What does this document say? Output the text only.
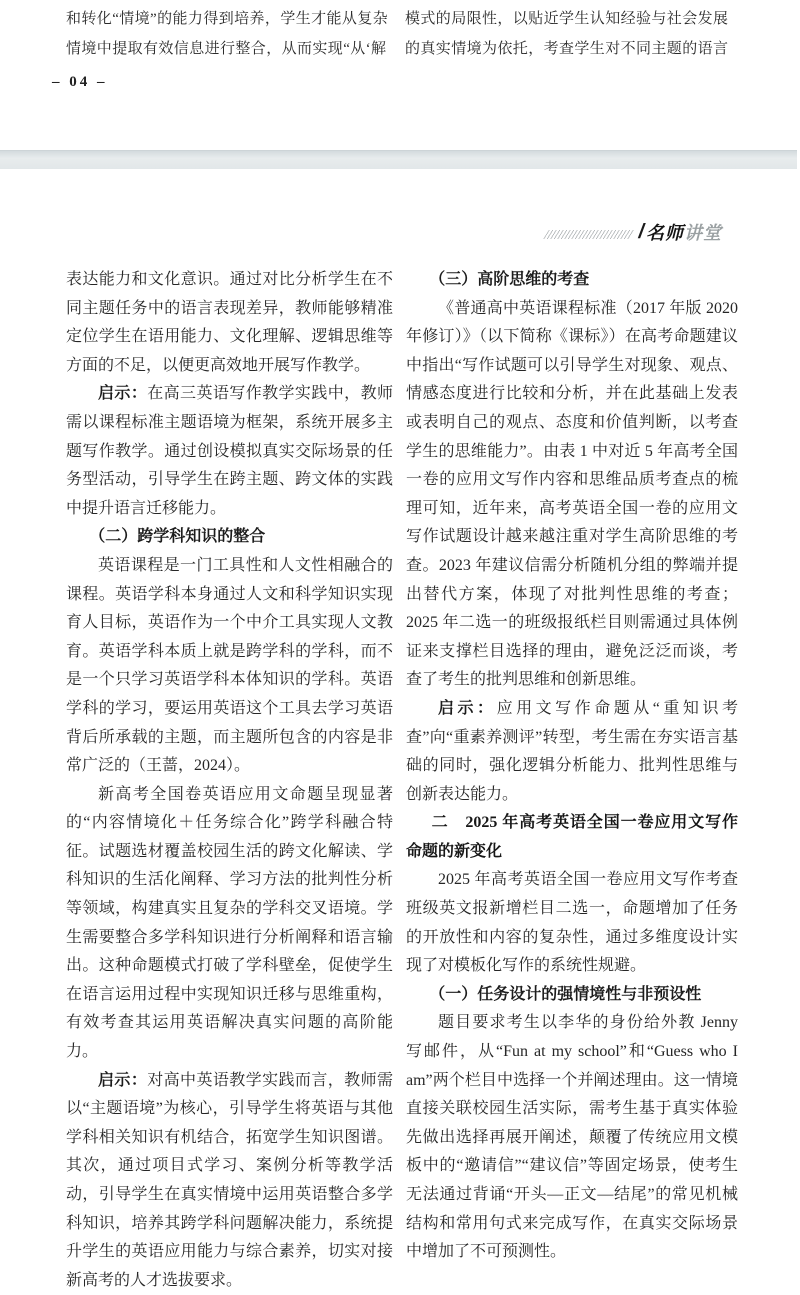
和转化“情境”的能力得到培养，学生才能从复杂
情境中提取有效信息进行整合，从而实现“从‘解
模式的局限性，以贴近学生认知经验与社会发展
的真实情境为依托，考查学生对不同主题的语言
– 04 –
/ 名师 讲堂

表达能力和文化意识。通过对比分析学生在不同主题任务中的语言表现差异，教师能够精准定位学生在语用能力、文化理解、逻辑思维等方面的不足，以便更高效地开展写作教学。

启示：在高三英语写作教学实践中，教师需以课程标准主题语境为框架，系统开展多主题写作教学。通过创设模拟真实交际场景的任务型活动，引导学生在跨主题、跨文体的实践中提升语言迁移能力。

（二）跨学科知识的整合

英语课程是一门工具性和人文性相融合的课程。英语学科本身通过人文和科学知识实现育人目标，英语作为一个中介工具实现人文教育。英语学科本质上就是跨学科的学科，而不是一个只学习英语学科本体知识的学科。英语学科的学习，要运用英语这个工具去学习英语背后所承载的主题，而主题所包含的内容是非常广泛的（王蔷，2024）。

新高考全国卷英语应用文命题呈现显著的“内容情境化＋任务综合化”跨学科融合特征。试题选材覆盖校园生活的跨文化解读、学科知识的生活化阐释、学习方法的批判性分析等领域，构建真实且复杂的学科交叉语境。学生需要整合多学科知识进行分析阐释和语言输出。这种命题模式打破了学科壁垒，促使学生在语言运用过程中实现知识迁移与思维重构，有效考查其运用英语解决真实问题的高阶能力。

启示：对高中英语教学实践而言，教师需以“主题语境”为核心，引导学生将英语与其他学科相关知识有机结合，拓宽学生知识图谱。其次，通过项目式学习、案例分析等教学活动，引导学生在真实情境中运用英语整合多学科知识，培养其跨学科问题解决能力，系统提升学生的英语应用能力与综合素养，切实对接新高考的人才选拔要求。

（三）高阶思维的考查

《普通高中英语课程标准（2017 年版 2020 年修订）》（以下简称《课标》）在高考命题建议中指出“写作试题可以引导学生对现象、观点、情感态度进行比较和分析，并在此基础上发表或表明自己的观点、态度和价值判断，以考查学生的思维能力”。由表 1 中对近 5 年高考全国一卷的应用文写作内容和思维品质考查点的梳理可知，近年来，高考英语全国一卷的应用文写作试题设计越来越注重对学生高阶思维的考查。2023 年建议信需分析随机分组的弊端并提出替代方案，体现了对批判性思维的考查；2025 年二选一的班级报纸栏目则需通过具体例证来支撑栏目选择的理由，避免泛泛而谈，考查了考生的批判思维和创新思维。

启示：应用文写作命题从“重知识考查”向“重素养测评”转型，考生需在夯实语言基础的同时，强化逻辑分析能力、批判性思维与创新表达能力。

二　2025 年高考英语全国一卷应用文写作命题的新变化

2025 年高考英语全国一卷应用文写作考查班级英文报新增栏目二选一，命题增加了任务的开放性和内容的复杂性，通过多维度设计实现了对模板化写作的系统性规避。

（一）任务设计的强情境性与非预设性

题目要求考生以李华的身份给外教 Jenny 写邮件，从“Fun at my school”和“Guess who I am”两个栏目中选择一个并阐述理由。这一情境直接关联校园生活实际，需考生基于真实体验先做出选择再展开阐述，颠覆了传统应用文模板中的“邀请信”“建议信”等固定场景，使考生无法通过背诵“开头—正文—结尾”的常见机械结构和常用句式来完成写作，在真实交际场景中增加了不可预测性。
